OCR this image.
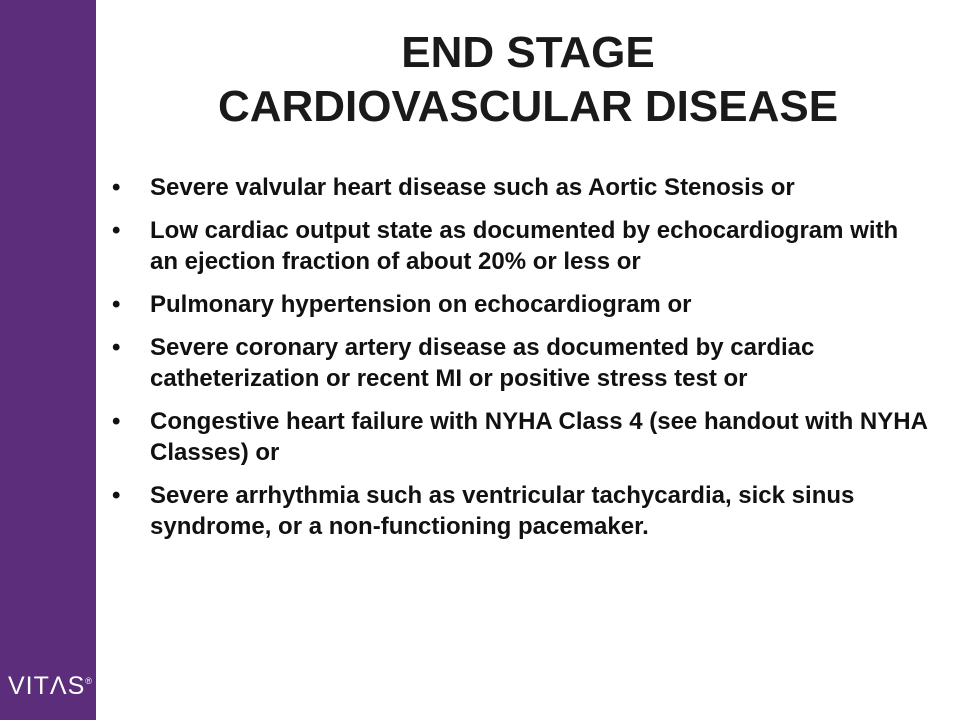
VITΛS®
END STAGE
CARDIOVASCULAR DISEASE
•	Severe valvular heart disease such as Aortic Stenosis or
•	Low cardiac output state as documented by echocardiogram with an ejection fraction of about 20% or less or
•	Pulmonary hypertension on echocardiogram or
•	Severe coronary artery disease as documented by cardiac catheterization or recent MI or positive stress test or
•	Congestive heart failure with NYHA Class 4 (see handout with NYHA Classes) or
•	Severe arrhythmia such as ventricular tachycardia, sick sinus syndrome, or a non-functioning pacemaker.
